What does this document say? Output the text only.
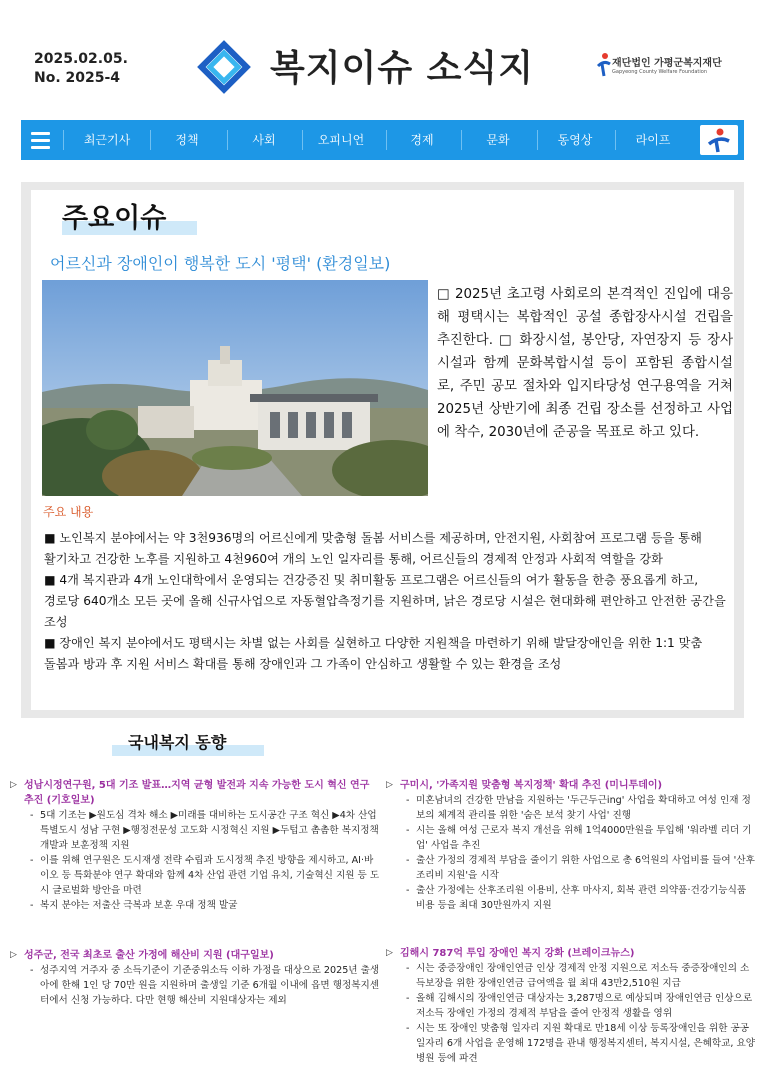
2025.02.05.
No. 2025-4	복지이슈 소식지	재단법인 가평군복지재단
Gapyeong County Welfare Foundation
최근기사	정책	사회	오피니언	경제	문화	동영상	라이프
주요이슈
어르신과 장애인이 행복한 도시 '평택' (환경일보)
□ 2025년 초고령 사회로의 본격적인 진입에 대응해 평택시는 복합적인 공설 종합장사시설 건립을 추진한다. □ 화장시설, 봉안당, 자연장지 등 장사시설과 함께 문화복합시설 등이 포함된 종합시설로, 주민 공모 절차와 입지타당성 연구용역을 거쳐 2025년 상반기에 최종 건립 장소를 선정하고 사업에 착수, 2030년에 준공을 목표로 하고 있다.
주요 내용

■ 노인복지 분야에서는 약 3천936명의 어르신에게 맞춤형 돌봄 서비스를 제공하며, 안전지원, 사회참여 프로그램 등을 통해 활기차고 건강한 노후를 지원하고 4천960여 개의 노인 일자리를 통해, 어르신들의 경제적 안정과 사회적 역할을 강화

■ 4개 복지관과 4개 노인대학에서 운영되는 건강증진 및 취미활동 프로그램은 어르신들의 여가 활동을 한층 풍요롭게 하고, 경로당 640개소 모든 곳에 올해 신규사업으로 자동혈압측정기를 지원하며, 낡은 경로당 시설은 현대화해 편안하고 안전한 공간을 조성

■ 장애인 복지 분야에서도 평택시는 차별 없는 사회를 실현하고 다양한 지원책을 마련하기 위해 발달장애인을 위한 1:1 맞춤 돌봄과 방과 후 지원 서비스 확대를 통해 장애인과 그 가족이 안심하고 생활할 수 있는 환경을 조성

국내복지 동향
▷ 성남시정연구원, 5대 기조 발표…지역 균형 발전과 지속 가능한 도시 혁신 연구 추진 (기호일보)
- 5대 기조는 ▶원도심 격차 해소 ▶미래를 대비하는 도시공간 구조 혁신 ▶4차 산업 특별도시 성남 구현 ▶행정전문성 고도화 시정혁신 지원 ▶두텁고 촘촘한 복지정책 개발과 보훈정책 지원
- 이를 위해 연구원은 도시재생 전략 수립과 도시정책 추진 방향을 제시하고, AI·바이오 등 특화분야 연구 확대와 함께 4차 산업 관련 기업 유치, 기술혁신 지원 등 도시 글로벌화 방안을 마련
- 복지 분야는 저출산 극복과 보훈 우대 정책 발굴
▷ 구미시, '가족지원 맞춤형 복지정책' 확대 추진 (미니투데이)
- 미혼남녀의 건강한 만남을 지원하는 '두근두근ing' 사업을 확대하고 여성 인재 정보의 체계적 관리를 위한 '숨은 보석 찾기 사업' 진행
- 시는 올해 여성 근로자 복지 개선을 위해 1억4000만원을 투입해 '워라벨 리더 기업' 사업을 추진
- 출산 가정의 경제적 부담을 줄이기 위한 사업으로 총 6억원의 사업비를 들여 '산후조리비 지원'을 시작
- 출산 가정에는 산후조리원 이용비, 산후 마사지, 회복 관련 의약품·건강기능식품 비용 등을 최대 30만원까지 지원
▷ 성주군, 전국 최초로 출산 가정에 해산비 지원 (대구일보)
- 성주지역 거주자 중 소득기준이 기준중위소득 이하 가정을 대상으로 2025년 출생아에 한해 1인 당 70만 원을 지원하며 출생일 기준 6개월 이내에 읍면 행정복지센터에서 신청 가능하다. 다만 현행 해산비 지원대상자는 제외
▷ 김해시 787억 투입 장애인 복지 강화 (브레이크뉴스)
- 시는 중증장애인 장애인연금 인상 경제적 안정 지원으로 저소득 중증장애인의 소득보장을 위한 장애인연금 급여액을 월 최대 43만2,510원 지급
- 올해 김해시의 장애인연금 대상자는 3,287명으로 예상되며 장애인연금 인상으로 저소득 장애인 가정의 경제적 부담을 줄여 안정적 생활을 영위
- 시는 또 장애인 맞춤형 일자리 지원 확대로 만18세 이상 등록장애인을 위한 공공일자리 6개 사업을 운영해 172명을 관내 행정복지센터, 복지시설, 은혜학교, 요양 병원 등에 파견
